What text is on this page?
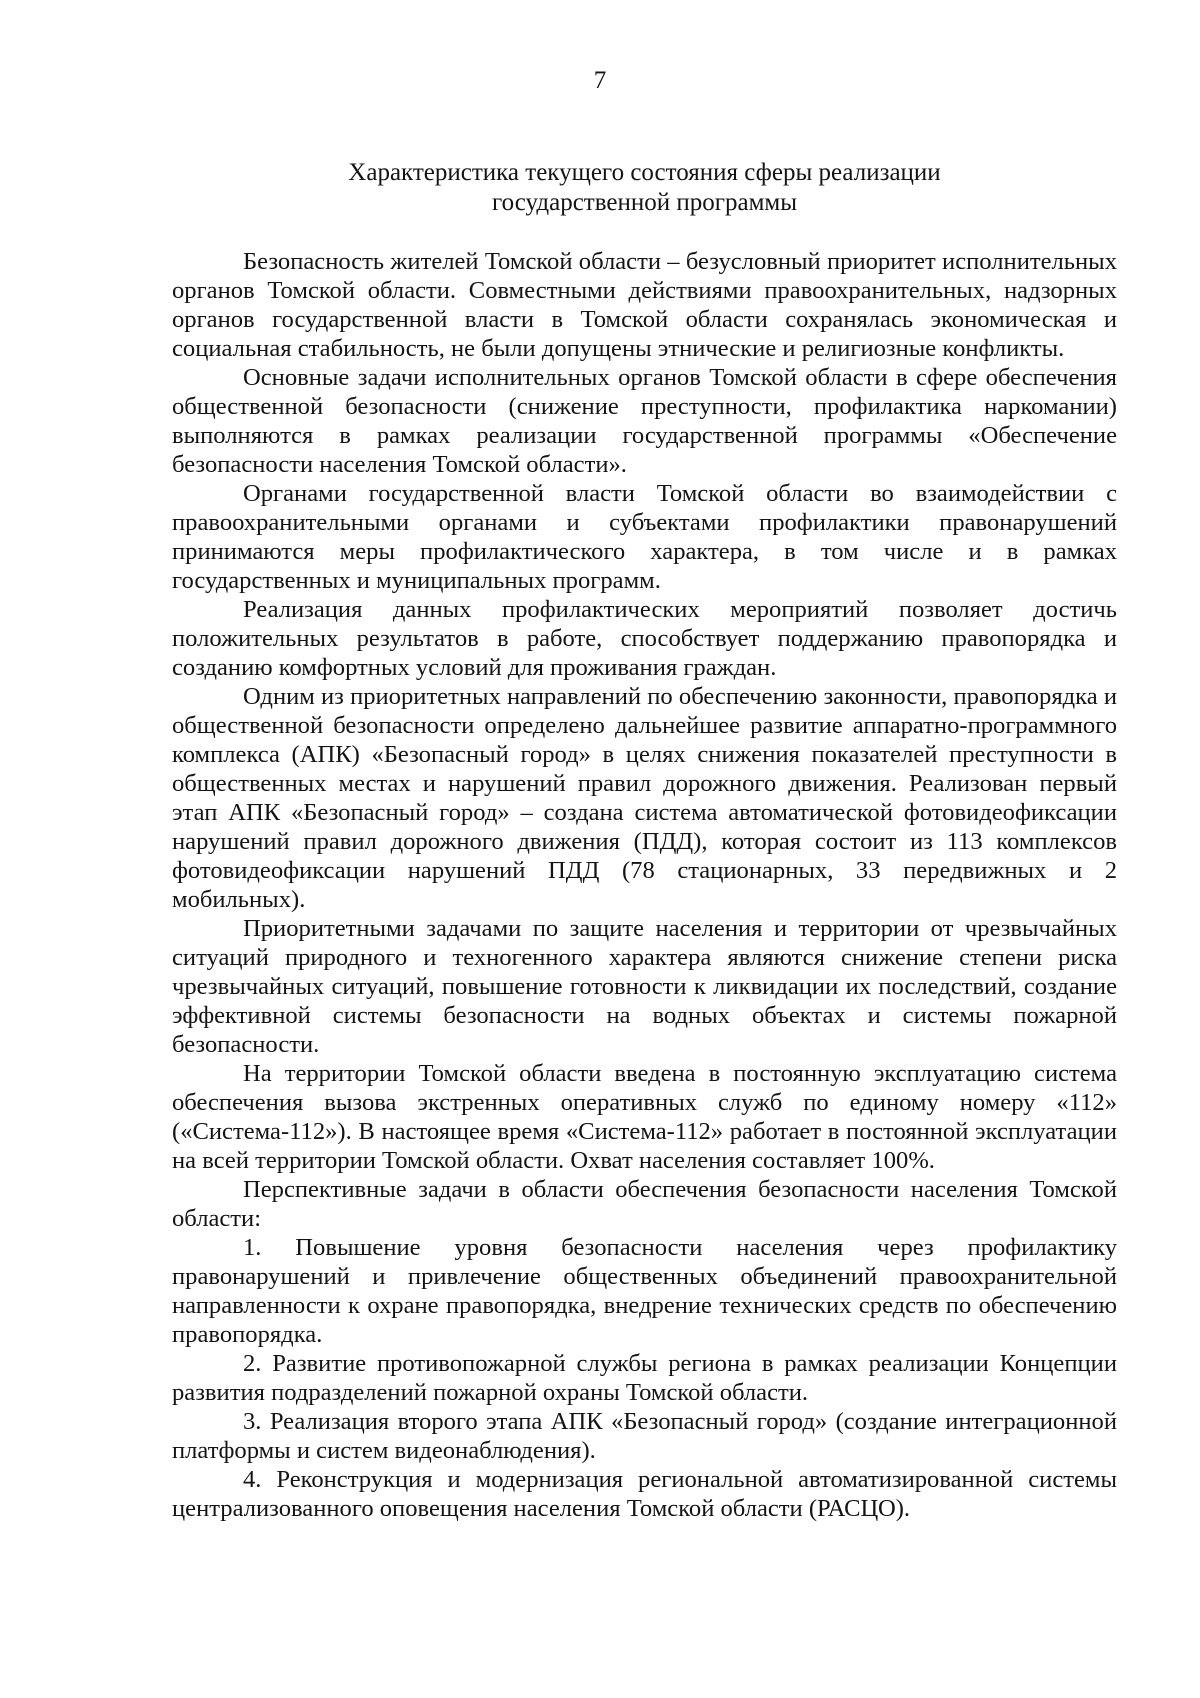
7
Характеристика текущего состояния сферы реализации
государственной программы

Безопасность жителей Томской области – безусловный приоритет исполнительных органов Томской области. Совместными действиями правоохранительных, надзорных органов государственной власти в Томской области сохранялась экономическая и социальная стабильность, не были допущены этнические и религиозные конфликты.

Основные задачи исполнительных органов Томской области в сфере обеспечения общественной безопасности (снижение преступности, профилактика наркомании) выполняются в рамках реализации государственной программы «Обеспечение безопасности населения Томской области».

Органами государственной власти Томской области во взаимодействии с правоохранительными органами и субъектами профилактики правонарушений принимаются меры профилактического характера, в том числе и в рамках государственных и муниципальных программ.

Реализация данных профилактических мероприятий позволяет достичь положительных результатов в работе, способствует поддержанию правопорядка и созданию комфортных условий для проживания граждан.

Одним из приоритетных направлений по обеспечению законности, правопорядка и общественной безопасности определено дальнейшее развитие аппаратно-программного комплекса (АПК) «Безопасный город» в целях снижения показателей преступности в общественных местах и нарушений правил дорожного движения. Реализован первый этап АПК «Безопасный город» – создана система автоматической фотовидеофиксации нарушений правил дорожного движения (ПДД), которая состоит из 113 комплексов фотовидеофиксации нарушений ПДД (78 стационарных, 33 передвижных и 2 мобильных).

Приоритетными задачами по защите населения и территории от чрезвычайных ситуаций природного и техногенного характера являются снижение степени риска чрезвычайных ситуаций, повышение готовности к ликвидации их последствий, создание эффективной системы безопасности на водных объектах и системы пожарной безопасности.

На территории Томской области введена в постоянную эксплуатацию система обеспечения вызова экстренных оперативных служб по единому номеру «112» («Система-112»). В настоящее время «Система-112» работает в постоянной эксплуатации на всей территории Томской области. Охват населения составляет 100%.

Перспективные задачи в области обеспечения безопасности населения Томской области:

1. Повышение уровня безопасности населения через профилактику правонарушений и привлечение общественных объединений правоохранительной направленности к охране правопорядка, внедрение технических средств по обеспечению правопорядка.

2. Развитие противопожарной службы региона в рамках реализации Концепции развития подразделений пожарной охраны Томской области.

3. Реализация второго этапа АПК «Безопасный город» (создание интеграционной платформы и систем видеонаблюдения).

4. Реконструкция и модернизация региональной автоматизированной системы централизованного оповещения населения Томской области (РАСЦО).
